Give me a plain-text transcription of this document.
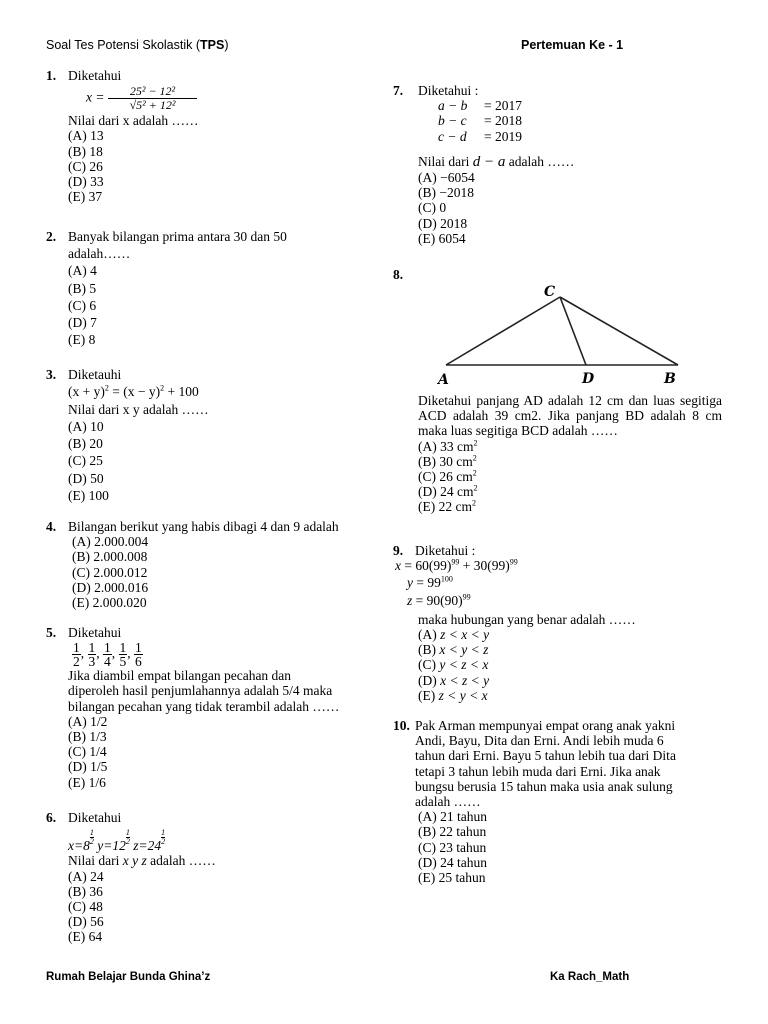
Soal Tes Potensi Skolastik (TPS)	Pertemuan Ke - 1
1. Diketahui

$x = \frac{\text{25² − 12²}}{\text{√5² + 12²}}$

Nilai dari x adalah ……

(A) 13

(B) 18

(C) 26

(D) 33

(E) 37

2. Banyak bilangan prima antara 30 dan 50

adalah……

(A) 4

(B) 5

(C) 6

(D) 7

(E) 8

3. Diketauhi

$(x + y)^2 = (x - y)^2 + 100$

Nilai dari x y adalah ……

(A) 10

(B) 20

(C) 25

(D) 50

(E) 100

4. Bilangan berikut yang habis dibagi 4 dan 9 adalah

(A) 2.000.004

(B) 2.000.008

(C) 2.000.012

(D) 2.000.016

(E) 2.000.020

5. Diketahui

$\frac{1}{2}$ , $\frac{1}{3}$ , $\frac{1}{4}$ , $\frac{1}{5}$ , $\frac{1}{6}$

Jika diambil empat bilangan pecahan dan

diperoleh hasil penjumlahannya adalah 5/4 maka

bilangan pecahan yang tidak terambil adalah ……

(A) 1/2

(B) 1/3

(C) 1/4

(D) 1/5

(E) 1/6

6. Diketahui

$x=8 \frac{1}{2} y=12 \frac{1}{2} z=24 \frac{1}{2}$

Nilai dari x y z adalah ……

(A) 24

(B) 36

(C) 48

(D) 56

(E) 64

7. Diketahui :

a − b = 2017

b − c = 2018

c − d = 2019

Nilai dari d − a adalah ……

(A) −6054

(B) −2018

(C) 0

(D) 2018

(E) 6054

8.
C
A	D	B

Diketahui panjang AD adalah 12 cm dan luas segitiga ACD adalah 39 cm2. Jika panjang BD adalah 8 cm maka luas segitiga BCD adalah ……

(A) 33 $cm^2$

(B) 30 $cm^2$

(C) 26 $cm^2$

(D) 24 $cm^2$

(E) 22 $cm^2$

9. Diketahui :

$x = 60(99)^{99} + 30(99)^{99}$

$y = 99^{100}$

$z = 90(90)^{99}$

maka hubungan yang benar adalah ……

(A) z < x < y

(B) x < y < z

(C) y < z < x

(D) x < z < y

(E) z < y < x

10. Pak Arman mempunyai empat orang anak yakni

Andi, Bayu, Dita dan Erni. Andi lebih muda 6

tahun dari Erni. Bayu 5 tahun lebih tua dari Dita

tetapi 3 tahun lebih muda dari Erni. Jika anak

bungsu berusia 15 tahun maka usia anak sulung

adalah ……

(A) 21 tahun

(B) 22 tahun

(C) 23 tahun

(D) 24 tahun

(E) 25 tahun

Rumah Belajar Bunda Ghina’z	Ka Rach_Math
